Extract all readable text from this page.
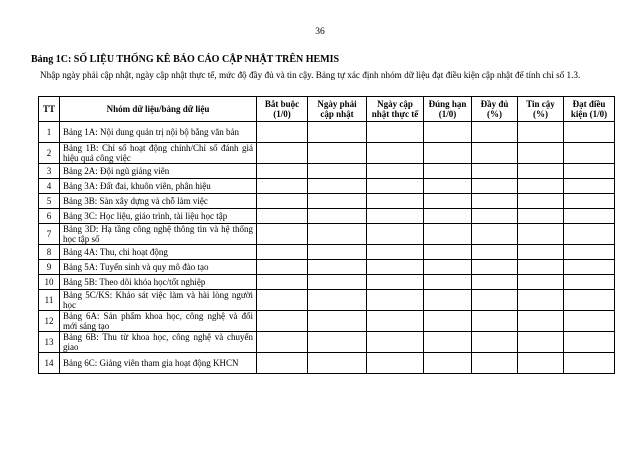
36
Bảng 1C: SỐ LIỆU THỐNG KÊ BÁO CÁO CẬP NHẬT TRÊN HEMIS
Nhập ngày phải cập nhật, ngày cập nhật thực tế, mức độ đầy đủ và tin cậy. Bảng tự xác định nhóm dữ liệu đạt điều kiện cập nhật để tính chỉ số 1.3.
TT	Nhóm dữ liệu/bảng dữ liệu	Bắt buộc (1/0)	Ngày phải cập nhật	Ngày cập nhật thực tế	Đúng hạn (1/0)	Đầy đủ (%)	Tin cậy (%)	Đạt điều kiện (1/0)
1	Bảng 1A: Nội dung quản trị nội bộ bằng văn bản							
2	Bảng 1B: Chỉ số hoạt động chính/Chỉ số đánh giá hiệu quả công việc							
3	Bảng 2A: Đội ngũ giảng viên							
4	Bảng 3A: Đất đai, khuôn viên, phân hiệu							
5	Bảng 3B: Sàn xây dựng và chỗ làm việc							
6	Bảng 3C: Học liệu, giáo trình, tài liệu học tập							
7	Bảng 3D: Hạ tầng công nghệ thông tin và hệ thống học tập số							
8	Bảng 4A: Thu, chi hoạt động							
9	Bảng 5A: Tuyển sinh và quy mô đào tạo							
10	Bảng 5B: Theo dõi khóa học/tốt nghiệp							
11	Bảng 5C/KS: Khảo sát việc làm và hài lòng người học							
12	Bảng 6A: Sản phẩm khoa học, công nghệ và đổi mới sáng tạo							
13	Bảng 6B: Thu từ khoa học, công nghệ và chuyển giao							
14	Bảng 6C: Giảng viên tham gia hoạt động KHCN							
